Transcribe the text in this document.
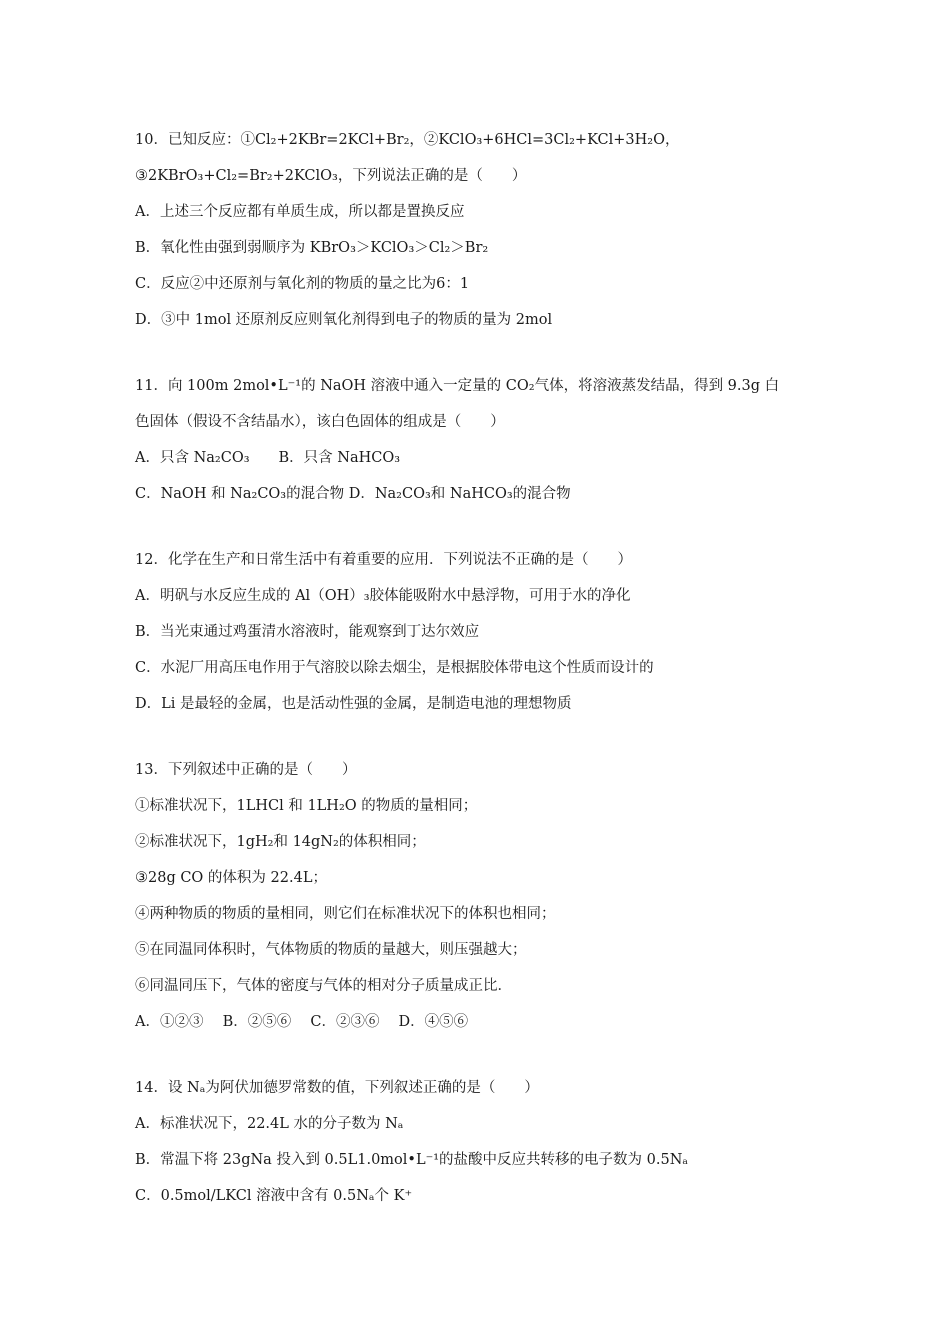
10．已知反应：①Cl₂+2KBr=2KCl+Br₂，②KClO₃+6HCl=3Cl₂+KCl+3H₂O，
③2KBrO₃+Cl₂=Br₂+2KClO₃，下列说法正确的是（　　）
A．上述三个反应都有单质生成，所以都是置换反应
B．氧化性由强到弱顺序为 KBrO₃＞KClO₃＞Cl₂＞Br₂
C．反应②中还原剂与氧化剂的物质的量之比为6：1
D．③中 1mol 还原剂反应则氧化剂得到电子的物质的量为 2mol
11．向 100m 2mol•L⁻¹的 NaOH 溶液中通入一定量的 CO₂气体，将溶液蒸发结晶，得到 9.3g 白
色固体（假设不含结晶水），该白色固体的组成是（　　）
A．只含 Na₂CO₃　　B．只含 NaHCO₃
C．NaOH 和 Na₂CO₃的混合物 D．Na₂CO₃和 NaHCO₃的混合物
12．化学在生产和日常生活中有着重要的应用．下列说法不正确的是（　　）
A．明矾与水反应生成的 Al（OH）₃胶体能吸附水中悬浮物，可用于水的净化
B．当光束通过鸡蛋清水溶液时，能观察到丁达尔效应
C．水泥厂用高压电作用于气溶胶以除去烟尘，是根据胶体带电这个性质而设计的
D．Li 是最轻的金属，也是活动性强的金属，是制造电池的理想物质
13．下列叙述中正确的是（　　）
①标准状况下，1LHCl 和 1LH₂O 的物质的量相同；
②标准状况下，1gH₂和 14gN₂的体积相同；
③28g CO 的体积为 22.4L；
④两种物质的物质的量相同，则它们在标准状况下的体积也相同；
⑤在同温同体积时，气体物质的物质的量越大，则压强越大；
⑥同温同压下，气体的密度与气体的相对分子质量成正比．
A．①②③　 B．②⑤⑥　 C．②③⑥　 D．④⑤⑥
14．设 Nₐ为阿伏加德罗常数的值，下列叙述正确的是（　　）
A．标准状况下，22.4L 水的分子数为 Nₐ
B．常温下将 23gNa 投入到 0.5L1.0mol•L⁻¹的盐酸中反应共转移的电子数为 0.5Nₐ
C．0.5mol/LKCl 溶液中含有 0.5Nₐ个 K⁺
